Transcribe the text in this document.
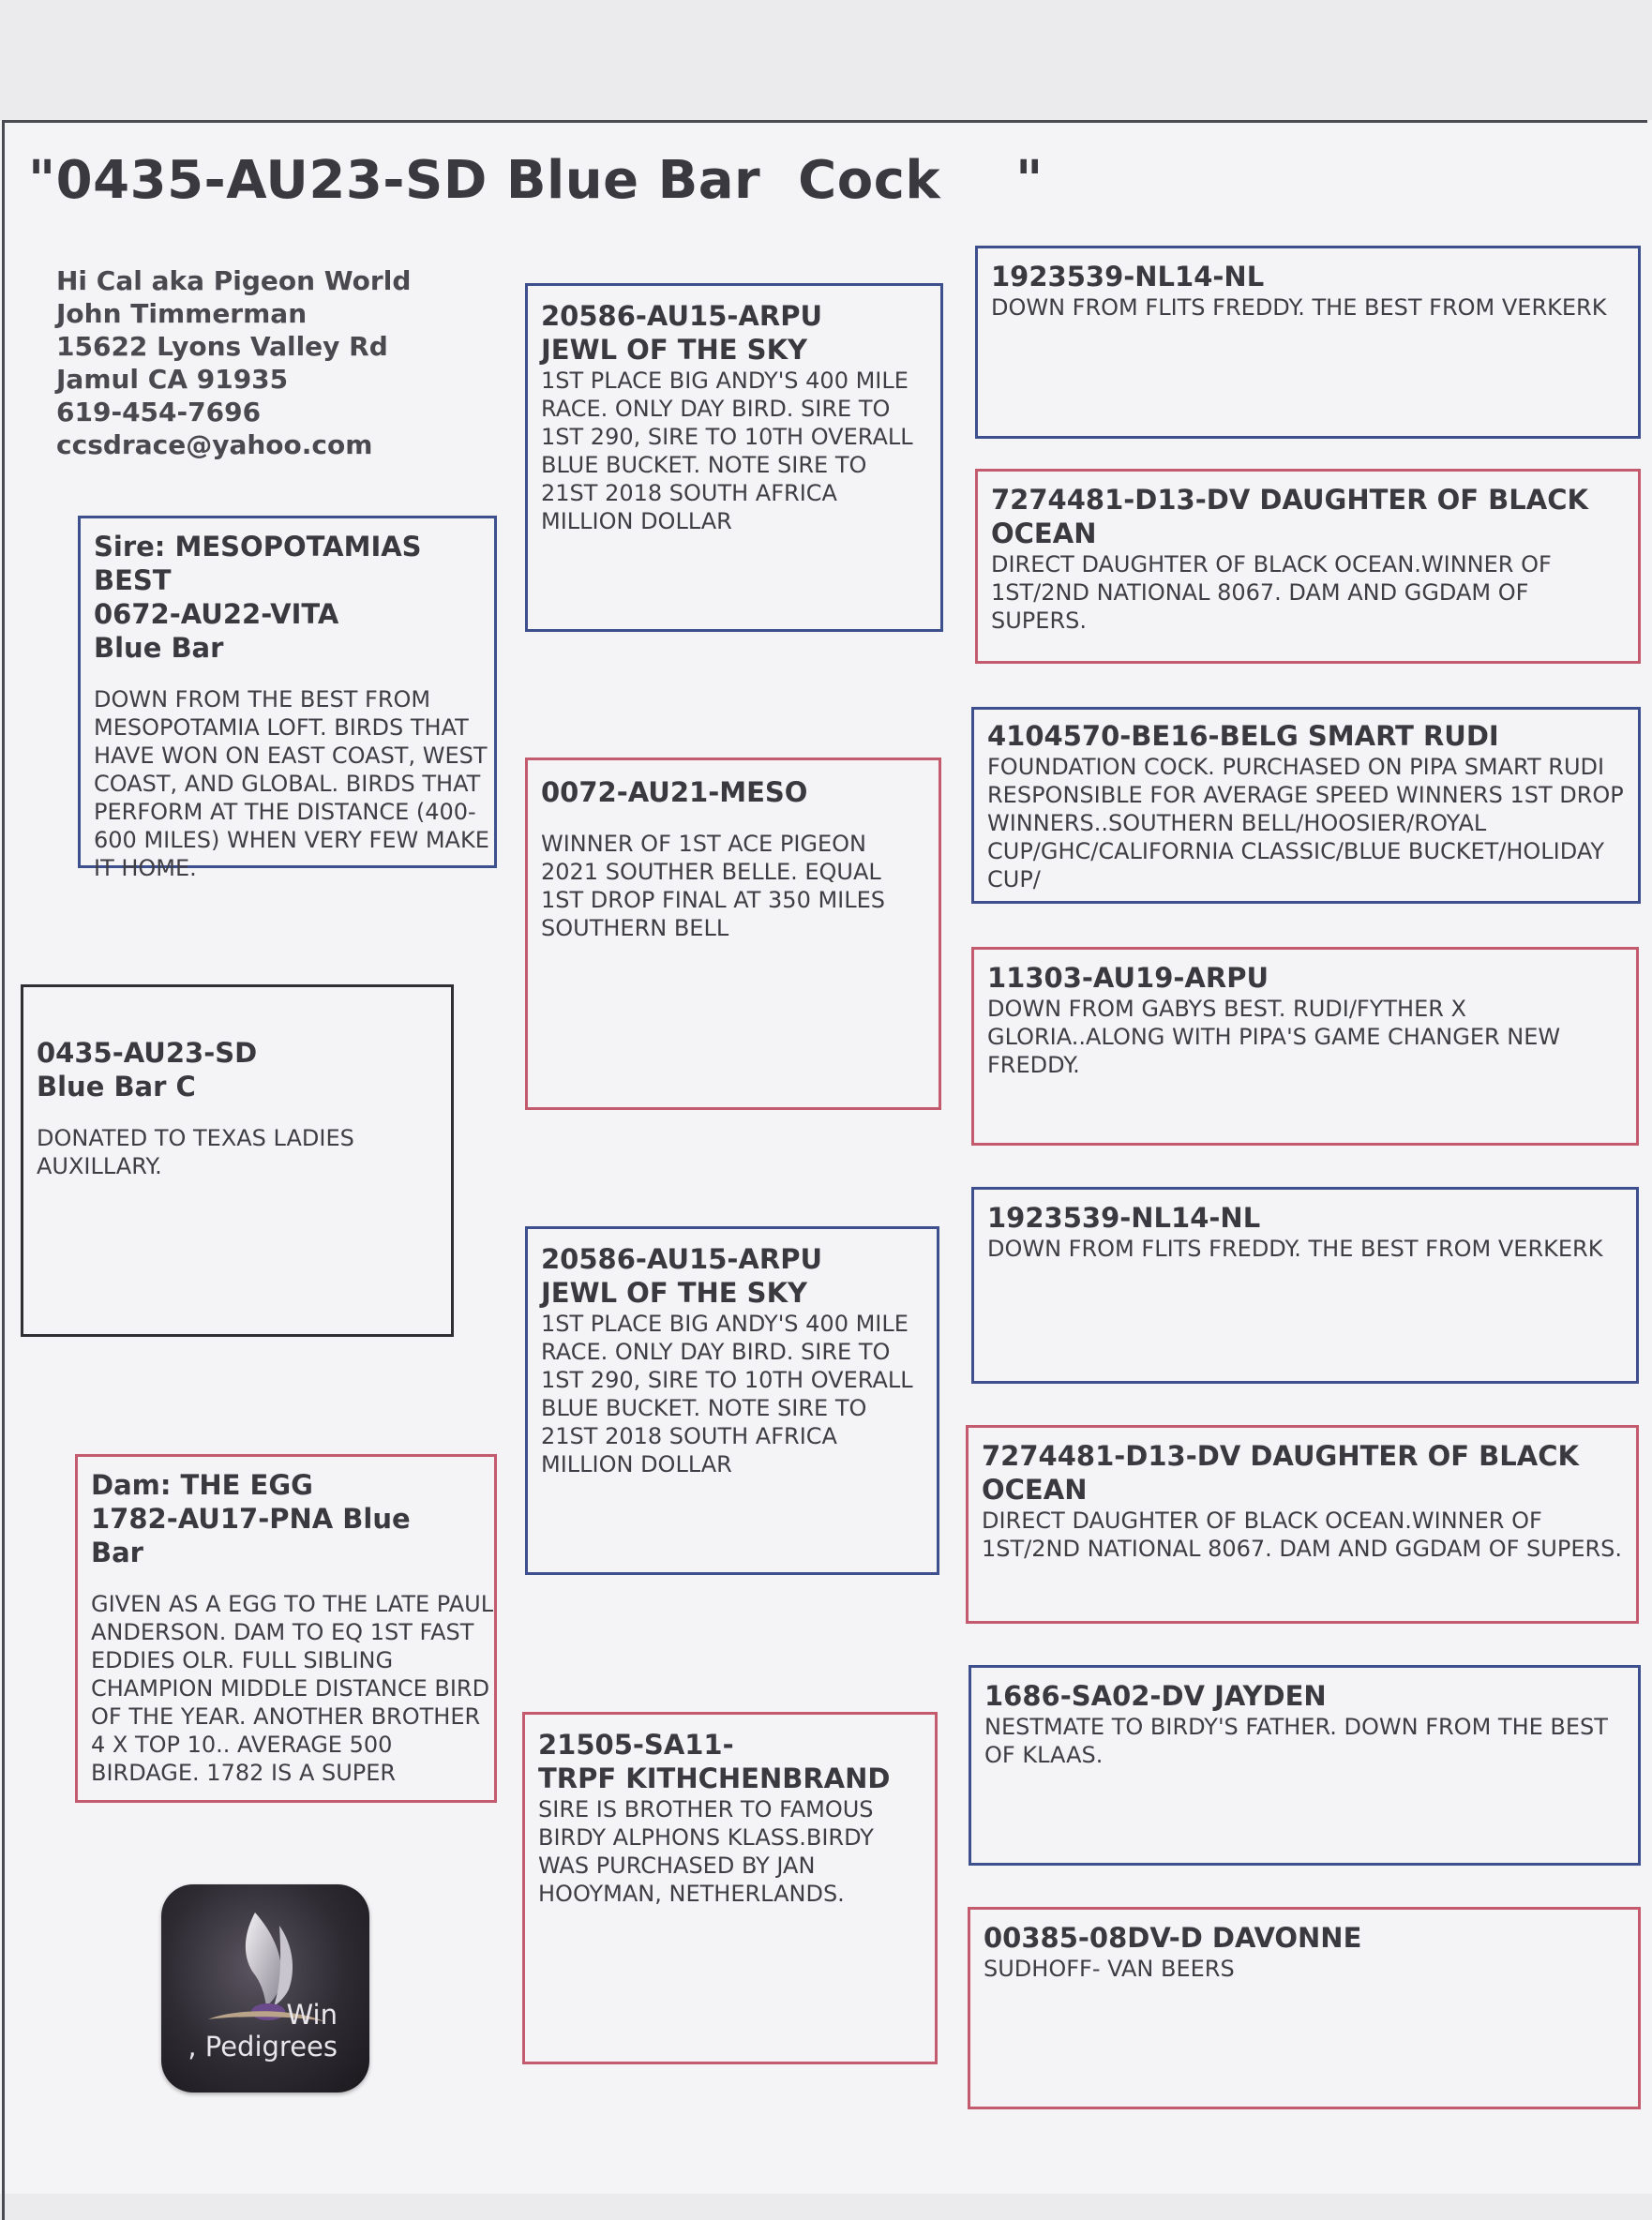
"0435-AU23-SD Blue Bar  Cock    "
Hi Cal aka Pigeon World
John Timmerman
15622 Lyons Valley Rd
Jamul CA 91935
619-454-7696
ccsdrace@yahoo.com
Sire: MESOPOTAMIAS
BEST
0672-AU22-VITA
Blue Bar
DOWN FROM THE BEST FROM MESOPOTAMIA LOFT. BIRDS THAT HAVE WON ON EAST COAST, WEST COAST, AND GLOBAL. BIRDS THAT PERFORM AT THE DISTANCE (400-600 MILES) WHEN VERY FEW MAKE IT HOME.
0435-AU23-SD
Blue Bar C
DONATED TO TEXAS LADIES AUXILLARY.
Dam: THE EGG
1782-AU17-PNA Blue
Bar
GIVEN AS A EGG TO THE LATE PAUL ANDERSON. DAM TO EQ 1ST FAST EDDIES OLR. FULL SIBLING CHAMPION MIDDLE DISTANCE BIRD OF THE YEAR. ANOTHER BROTHER 4 X TOP 10.. AVERAGE 500 BIRDAGE. 1782 IS A SUPER
20586-AU15-ARPU
JEWL OF THE SKY
1ST PLACE BIG ANDY'S 400 MILE RACE. ONLY DAY BIRD. SIRE TO 1ST 290, SIRE TO 10TH OVERALL BLUE BUCKET. NOTE SIRE TO 21ST 2018 SOUTH AFRICA MILLION DOLLAR
0072-AU21-MESO
WINNER OF 1ST ACE PIGEON 2021 SOUTHER BELLE. EQUAL 1ST DROP FINAL AT 350 MILES SOUTHERN BELL
20586-AU15-ARPU
JEWL OF THE SKY
1ST PLACE BIG ANDY'S 400 MILE RACE. ONLY DAY BIRD. SIRE TO 1ST 290, SIRE TO 10TH OVERALL BLUE BUCKET. NOTE SIRE TO 21ST 2018 SOUTH AFRICA MILLION DOLLAR
21505-SA11-
TRPF KITHCHENBRAND
SIRE IS BROTHER TO FAMOUS BIRDY ALPHONS KLASS.BIRDY WAS PURCHASED BY JAN HOOYMAN, NETHERLANDS.
1923539-NL14-NL
DOWN FROM FLITS FREDDY. THE BEST FROM VERKERK
7274481-D13-DV DAUGHTER OF BLACK
OCEAN
DIRECT DAUGHTER OF BLACK OCEAN.WINNER OF 1ST/2ND NATIONAL 8067. DAM AND GGDAM OF SUPERS.
4104570-BE16-BELG SMART RUDI
FOUNDATION COCK. PURCHASED ON PIPA SMART RUDI RESPONSIBLE FOR AVERAGE SPEED WINNERS 1ST DROP WINNERS..SOUTHERN BELL/HOOSIER/ROYAL CUP/GHC/CALIFORNIA CLASSIC/BLUE BUCKET/HOLIDAY CUP/
11303-AU19-ARPU
DOWN FROM GABYS BEST. RUDI/FYTHER X GLORIA..ALONG WITH PIPA'S GAME CHANGER NEW FREDDY.
1923539-NL14-NL
DOWN FROM FLITS FREDDY. THE BEST FROM VERKERK
7274481-D13-DV DAUGHTER OF BLACK
OCEAN
DIRECT DAUGHTER OF BLACK OCEAN.WINNER OF 1ST/2ND NATIONAL 8067. DAM AND GGDAM OF SUPERS.
1686-SA02-DV JAYDEN
NESTMATE TO BIRDY'S FATHER. DOWN FROM THE BEST OF KLAAS.
00385-08DV-D DAVONNE
SUDHOFF- VAN BEERS
Win
, Pedigrees
